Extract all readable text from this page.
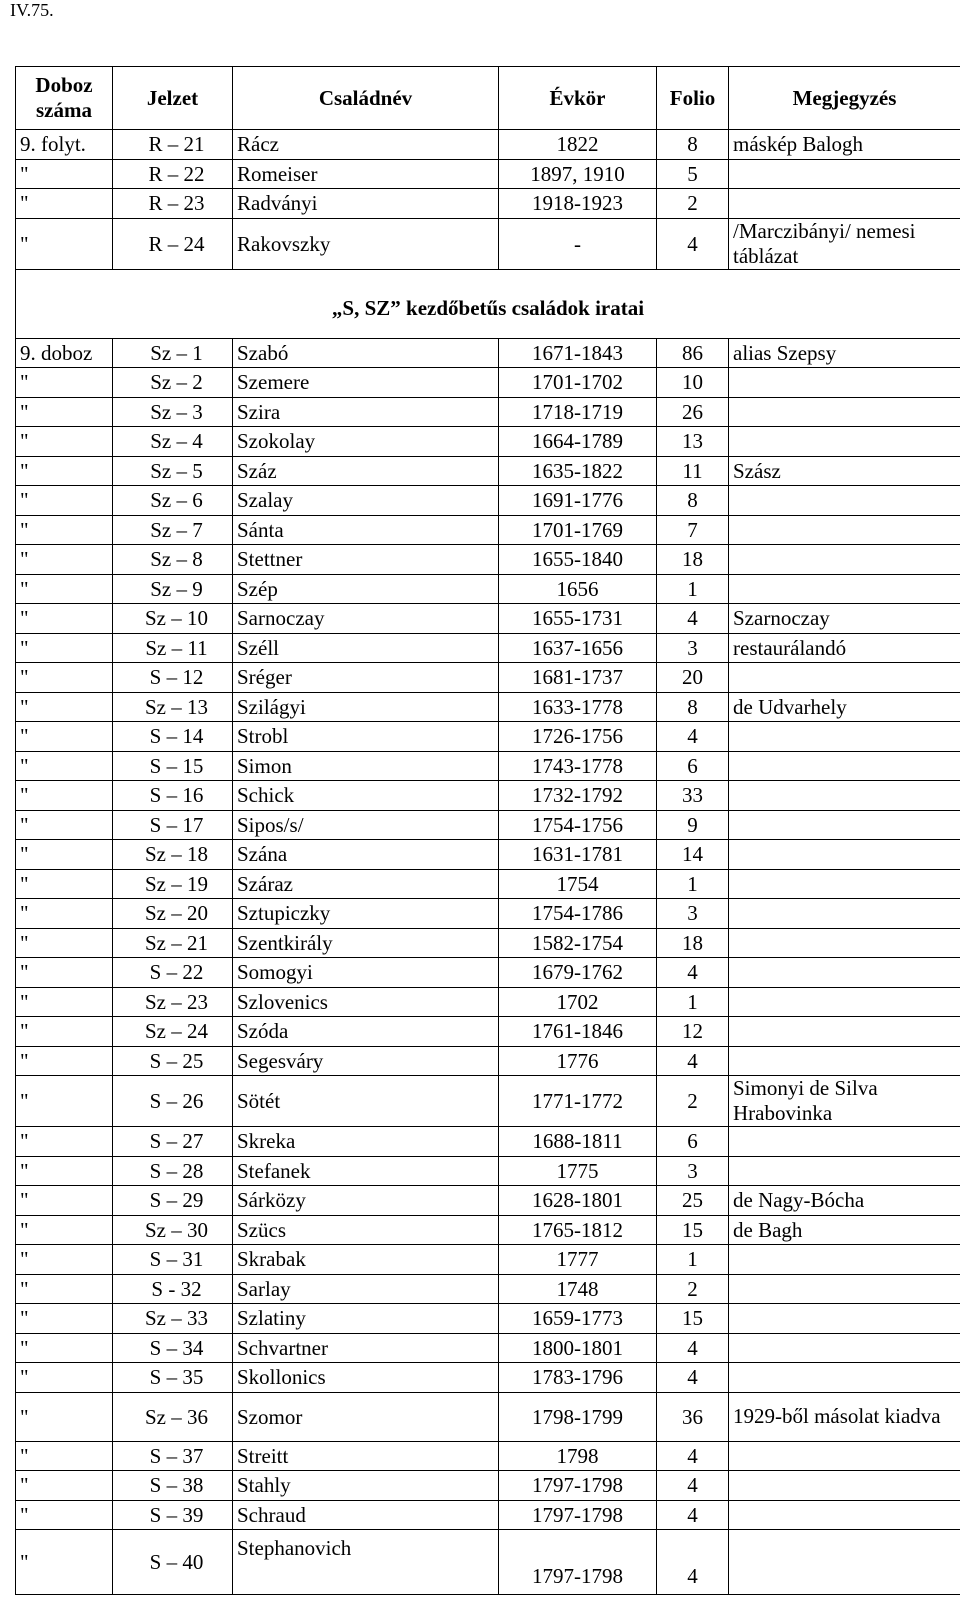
IV.75.
Doboz száma	Jelzet	Családnév	Évkör	Folio	Megjegyzés
9. folyt.	R – 21	Rácz	1822	8	máskép Balogh
"	R – 22	Romeiser	1897, 1910	5	
"	R – 23	Radványi	1918-1923	2	
"	R – 24	Rakovszky	-	4	/Marczibányi/ nemesi táblázat
„S, SZ” kezdőbetűs családok iratai					
9. doboz	Sz – 1	Szabó	1671-1843	86	alias Szepsy
"	Sz – 2	Szemere	1701-1702	10	
"	Sz – 3	Szira	1718-1719	26	
"	Sz – 4	Szokolay	1664-1789	13	
"	Sz – 5	Száz	1635-1822	11	Szász
"	Sz – 6	Szalay	1691-1776	8	
"	Sz – 7	Sánta	1701-1769	7	
"	Sz – 8	Stettner	1655-1840	18	
"	Sz – 9	Szép	1656	1	
"	Sz – 10	Sarnoczay	1655-1731	4	Szarnoczay
"	Sz – 11	Széll	1637-1656	3	restaurálandó
"	S – 12	Sréger	1681-1737	20	
"	Sz – 13	Szilágyi	1633-1778	8	de Udvarhely
"	S – 14	Strobl	1726-1756	4	
"	S – 15	Simon	1743-1778	6	
"	S – 16	Schick	1732-1792	33	
"	S – 17	Sipos/s/	1754-1756	9	
"	Sz – 18	Szána	1631-1781	14	
"	Sz – 19	Száraz	1754	1	
"	Sz – 20	Sztupiczky	1754-1786	3	
"	Sz – 21	Szentkirály	1582-1754	18	
"	S – 22	Somogyi	1679-1762	4	
"	Sz – 23	Szlovenics	1702	1	
"	Sz – 24	Szóda	1761-1846	12	
"	S – 25	Segesváry	1776	4	
"	S – 26	Sötét	1771-1772	2	Simonyi de Silva Hrabovinka
"	S – 27	Skreka	1688-1811	6	
"	S – 28	Stefanek	1775	3	
"	S – 29	Sárközy	1628-1801	25	de Nagy-Bócha
"	Sz – 30	Szücs	1765-1812	15	de Bagh
"	S – 31	Skrabak	1777	1	
"	S - 32	Sarlay	1748	2	
"	Sz – 33	Szlatiny	1659-1773	15	
"	S – 34	Schvartner	1800-1801	4	
"	S – 35	Skollonics	1783-1796	4	
"	Sz – 36	Szomor	1798-1799	36	1929-ből másolat kiadva
"	S – 37	Streitt	1798	4	
"	S – 38	Stahly	1797-1798	4	
"	S – 39	Schraud	1797-1798	4	
"	S – 40	Stephanovich	1797-1798	4	
